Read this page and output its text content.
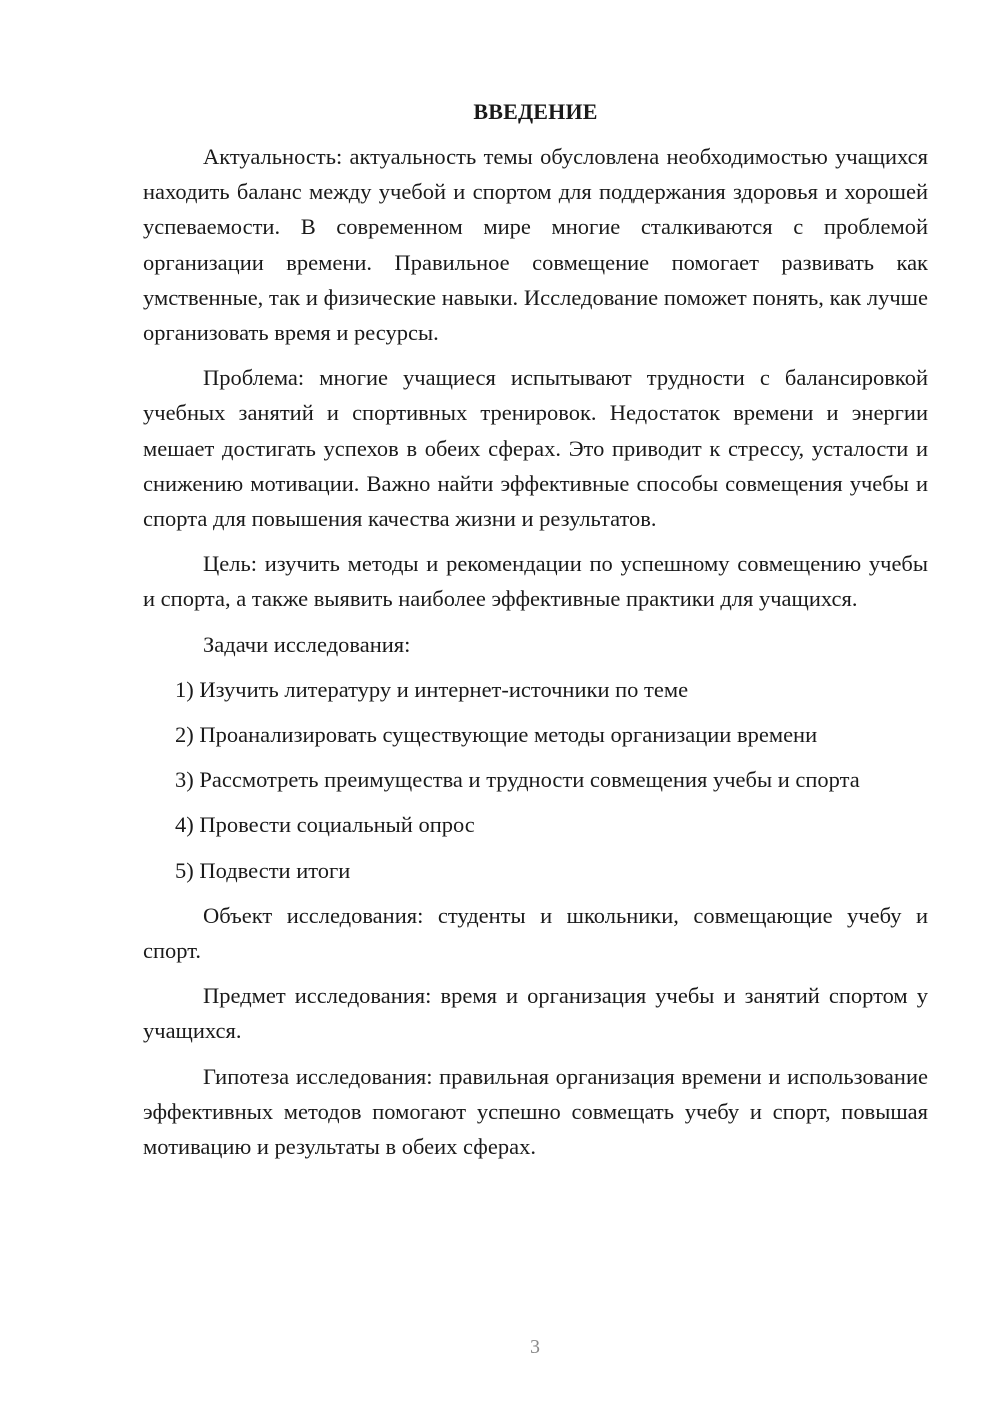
ВВЕДЕНИЕ

Актуальность: актуальность темы обусловлена необходимостью учащихся находить баланс между учебой и спортом для поддержания здоровья и хорошей успеваемости. В современном мире многие сталкиваются с проблемой организации времени. Правильное совмещение помогает развивать как умственные, так и физические навыки. Исследование поможет понять, как лучше организовать время и ресурсы.

Проблема: многие учащиеся испытывают трудности с балансировкой учебных занятий и спортивных тренировок. Недостаток времени и энергии мешает достигать успехов в обеих сферах. Это приводит к стрессу, усталости и снижению мотивации. Важно найти эффективные способы совмещения учебы и спорта для повышения качества жизни и результатов.

Цель: изучить методы и рекомендации по успешному совмещению учебы и спорта, а также выявить наиболее эффективные практики для учащихся.

Задачи исследования:

1) Изучить литературу и интернет-источники по теме
2) Проанализировать существующие методы организации времени
3) Рассмотреть преимущества и трудности совмещения учебы и спорта
4) Провести социальный опрос
5) Подвести итоги

Объект исследования: студенты и школьники, совмещающие учебу и спорт.

Предмет исследования: время и организация учебы и занятий спортом у учащихся.

Гипотеза исследования: правильная организация времени и использование эффективных методов помогают успешно совмещать учебу и спорт, повышая мотивацию и результаты в обеих сферах.

3
